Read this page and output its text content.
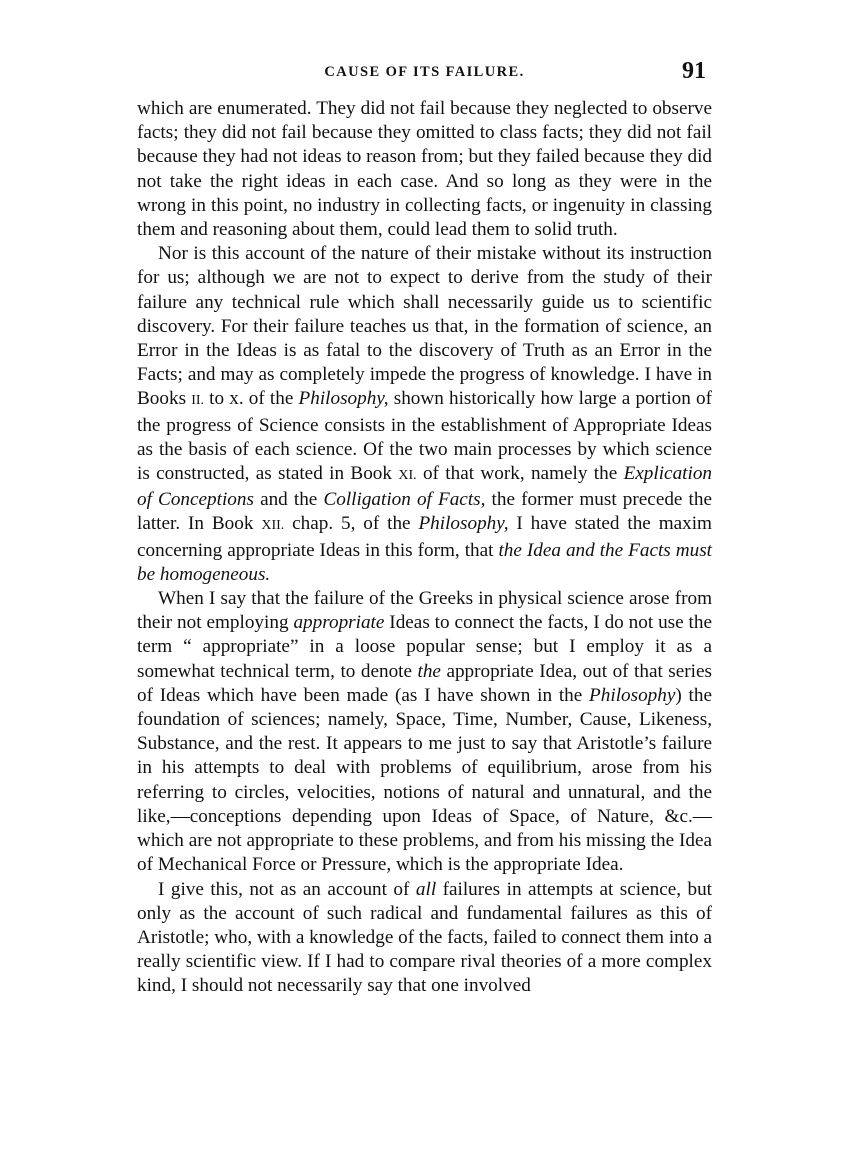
CAUSE OF ITS FAILURE.	91

which are enumerated. They did not fail because they neglected to observe facts; they did not fail because they omitted to class facts; they did not fail because they had not ideas to reason from; but they failed because they did not take the right ideas in each case. And so long as they were in the wrong in this point, no industry in collecting facts, or ingenuity in classing them and reasoning about them, could lead them to solid truth.

Nor is this account of the nature of their mistake without its instruction for us; although we are not to expect to derive from the study of their failure any technical rule which shall necessarily guide us to scientific discovery. For their failure teaches us that, in the formation of science, an Error in the Ideas is as fatal to the discovery of Truth as an Error in the Facts; and may as completely impede the progress of knowledge. I have in Books II. to x. of the Philosophy, shown historically how large a portion of the progress of Science consists in the establishment of Appropriate Ideas as the basis of each science. Of the two main processes by which science is constructed, as stated in Book XI. of that work, namely the Explication of Conceptions and the Colligation of Facts, the former must precede the latter. In Book XII. chap. 5, of the Philosophy, I have stated the maxim concerning appropriate Ideas in this form, that the Idea and the Facts must be homogeneous.

When I say that the failure of the Greeks in physical science arose from their not employing appropriate Ideas to connect the facts, I do not use the term “ appropriate” in a loose popular sense; but I employ it as a somewhat technical term, to denote the appropriate Idea, out of that series of Ideas which have been made (as I have shown in the Philosophy) the foundation of sciences; namely, Space, Time, Number, Cause, Likeness, Substance, and the rest. It appears to me just to say that Aristotle’s failure in his attempts to deal with problems of equilibrium, arose from his referring to circles, velocities, notions of natural and unnatural, and the like,—conceptions depending upon Ideas of Space, of Nature, &c.—which are not appropriate to these problems, and from his missing the Idea of Mechanical Force or Pressure, which is the appropriate Idea.

I give this, not as an account of all failures in attempts at science, but only as the account of such radical and fundamental failures as this of Aristotle; who, with a knowledge of the facts, failed to connect them into a really scientific view. If I had to compare rival theories of a more complex kind, I should not necessarily say that one involved
